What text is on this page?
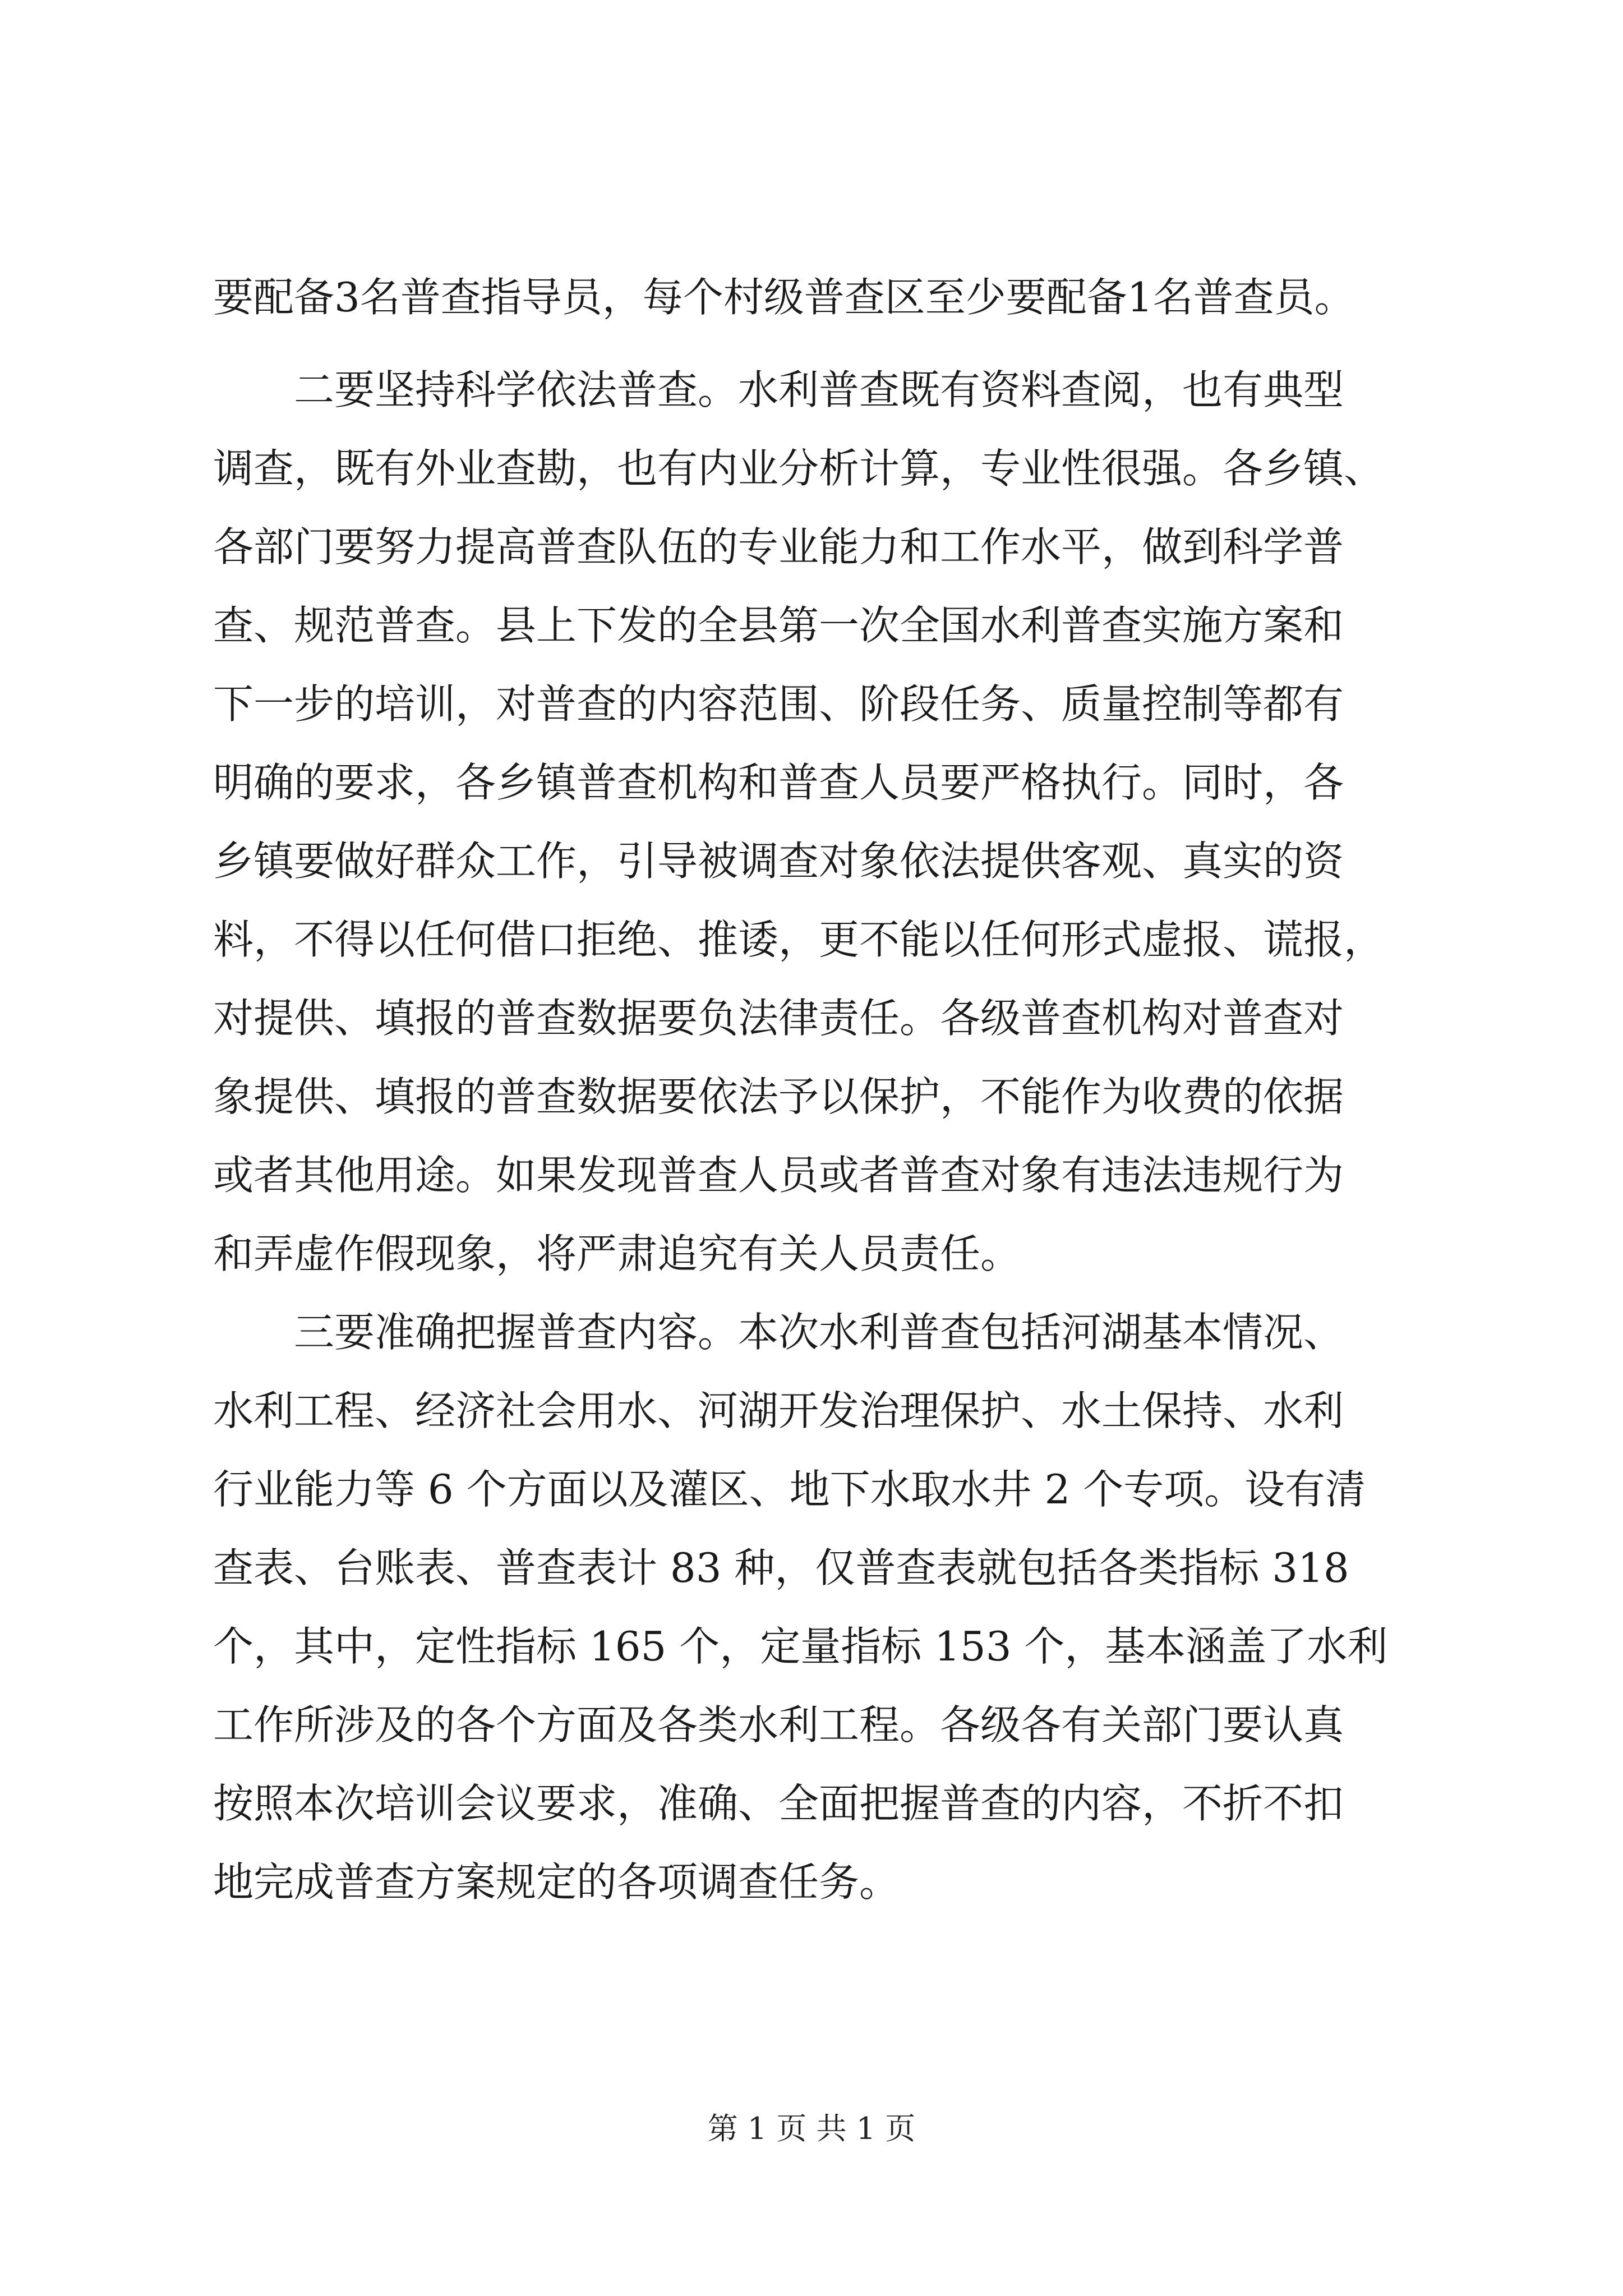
要配备3名普查指导员，每个村级普查区至少要配备1名普查员。
　　二要坚持科学依法普查。水利普查既有资料查阅，也有典型
调查，既有外业查勘，也有内业分析计算，专业性很强。各乡镇、
各部门要努力提高普查队伍的专业能力和工作水平，做到科学普
查、规范普查。县上下发的全县第一次全国水利普查实施方案和
下一步的培训，对普查的内容范围、阶段任务、质量控制等都有
明确的要求，各乡镇普查机构和普查人员要严格执行。同时，各
乡镇要做好群众工作，引导被调查对象依法提供客观、真实的资
料，不得以任何借口拒绝、推诿，更不能以任何形式虚报、谎报，
对提供、填报的普查数据要负法律责任。各级普查机构对普查对
象提供、填报的普查数据要依法予以保护，不能作为收费的依据
或者其他用途。如果发现普查人员或者普查对象有违法违规行为
和弄虚作假现象，将严肃追究有关人员责任。
　　三要准确把握普查内容。本次水利普查包括河湖基本情况、
水利工程、经济社会用水、河湖开发治理保护、水土保持、水利
行业能力等 6 个方面以及灌区、地下水取水井 2 个专项。设有清
查表、台账表、普查表计 83 种，仅普查表就包括各类指标 318
个，其中，定性指标 165 个，定量指标 153 个，基本涵盖了水利
工作所涉及的各个方面及各类水利工程。各级各有关部门要认真
按照本次培训会议要求，准确、全面把握普查的内容，不折不扣
地完成普查方案规定的各项调查任务。
第 1 页 共 1 页
